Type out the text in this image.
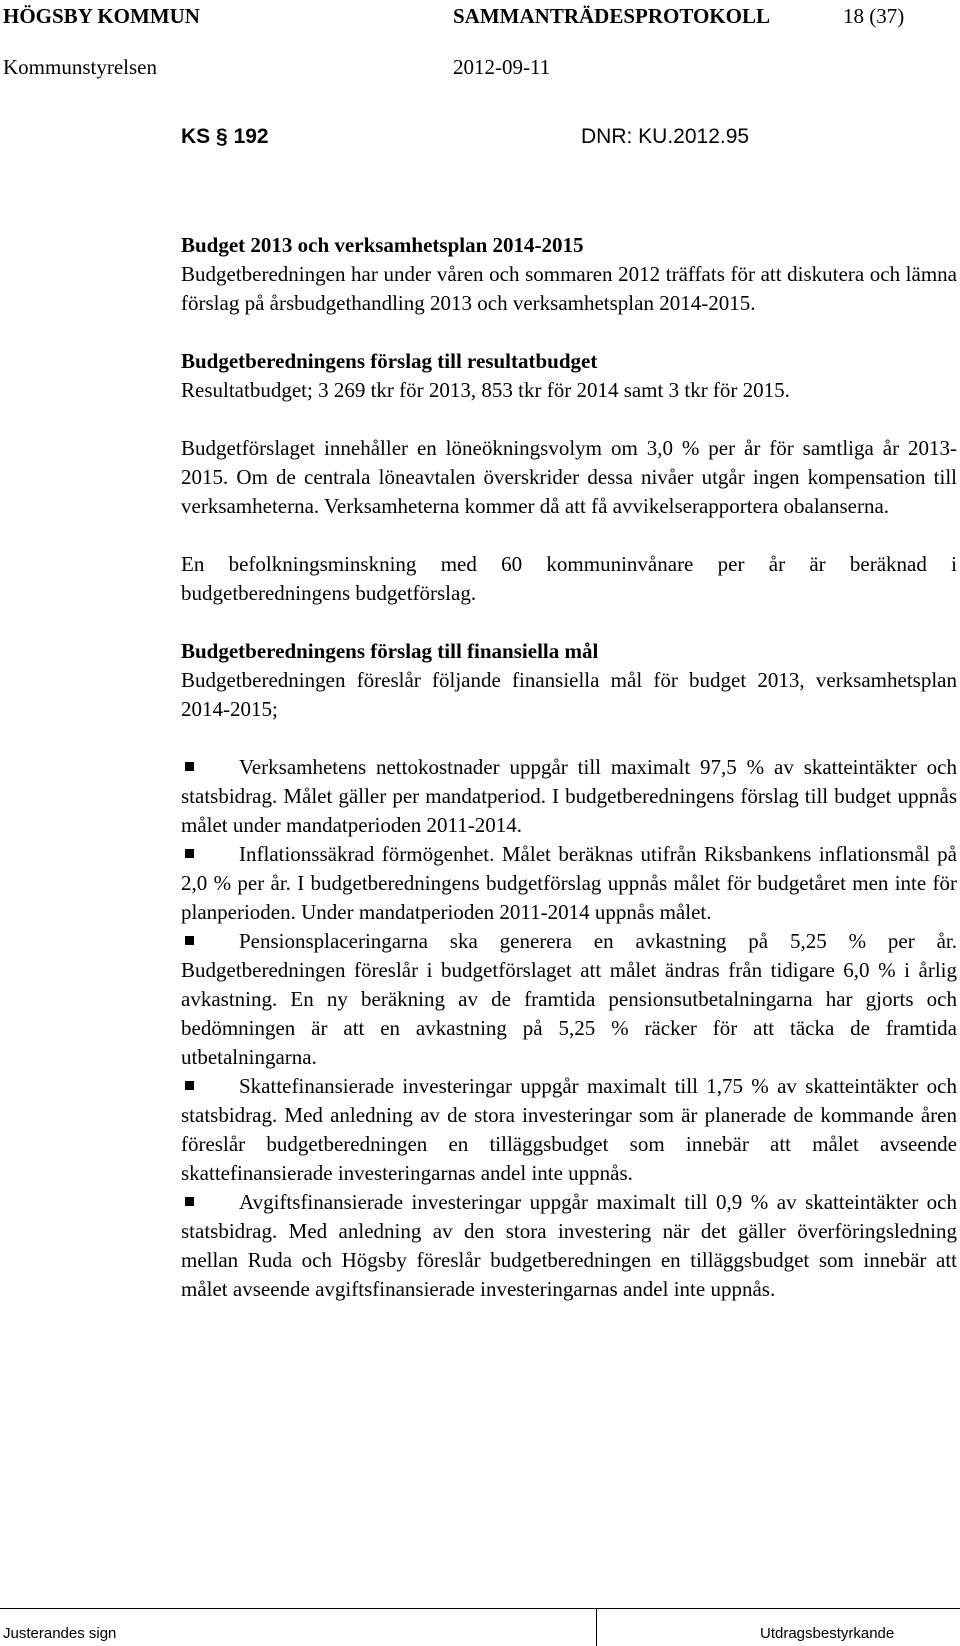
HÖGSBY KOMMUN	SAMMANTRÄDESPROTOKOLL	18 (37)
Kommunstyrelsen	2012-09-11
KS § 192	DNR: KU.2012.95
Budget 2013 och verksamhetsplan 2014-2015

Budgetberedningen har under våren och sommaren 2012 träffats för att diskutera och lämna förslag på årsbudgethandling 2013 och verksamhetsplan 2014-2015.

Budgetberedningens förslag till resultatbudget

Resultatbudget; 3 269 tkr för 2013, 853 tkr för 2014 samt 3 tkr för 2015.

Budgetförslaget innehåller en löneökningsvolym om 3,0 % per år för samtliga år 2013-2015. Om de centrala löneavtalen överskrider dessa nivåer utgår ingen kompensation till verksamheterna. Verksamheterna kommer då att få avvikelserapportera obalanserna.

En befolkningsminskning med 60 kommuninvånare per år är beräknad i budgetberedningens budgetförslag.

Budgetberedningens förslag till finansiella mål

Budgetberedningen föreslår följande finansiella mål för budget 2013, verksamhetsplan 2014-2015;

Verksamhetens nettokostnader uppgår till maximalt 97,5 % av skatteintäkter och statsbidrag. Målet gäller per mandatperiod. I budgetberedningens förslag till budget uppnås målet under mandatperioden 2011-2014.
Inflationssäkrad förmögenhet. Målet beräknas utifrån Riksbankens inflationsmål på 2,0 % per år. I budgetberedningens budgetförslag uppnås målet för budgetåret men inte för planperioden. Under mandatperioden 2011-2014 uppnås målet.
Pensionsplaceringarna ska generera en avkastning på 5,25 % per år. Budgetberedningen föreslår i budgetförslaget att målet ändras från tidigare 6,0 % i årlig avkastning. En ny beräkning av de framtida pensionsutbetalningarna har gjorts och bedömningen är att en avkastning på 5,25 % räcker för att täcka de framtida utbetalningarna.
Skattefinansierade investeringar uppgår maximalt till 1,75 % av skatteintäkter och statsbidrag. Med anledning av de stora investeringar som är planerade de kommande åren föreslår budgetberedningen en tilläggsbudget som innebär att målet avseende skattefinansierade investeringarnas andel inte uppnås.
Avgiftsfinansierade investeringar uppgår maximalt till 0,9 % av skatteintäkter och statsbidrag. Med anledning av den stora investering när det gäller överföringsledning mellan Ruda och Högsby föreslår budgetberedningen en tilläggsbudget som innebär att målet avseende avgiftsfinansierade investeringarnas andel inte uppnås.
Justerandes sign	Utdragsbestyrkande
